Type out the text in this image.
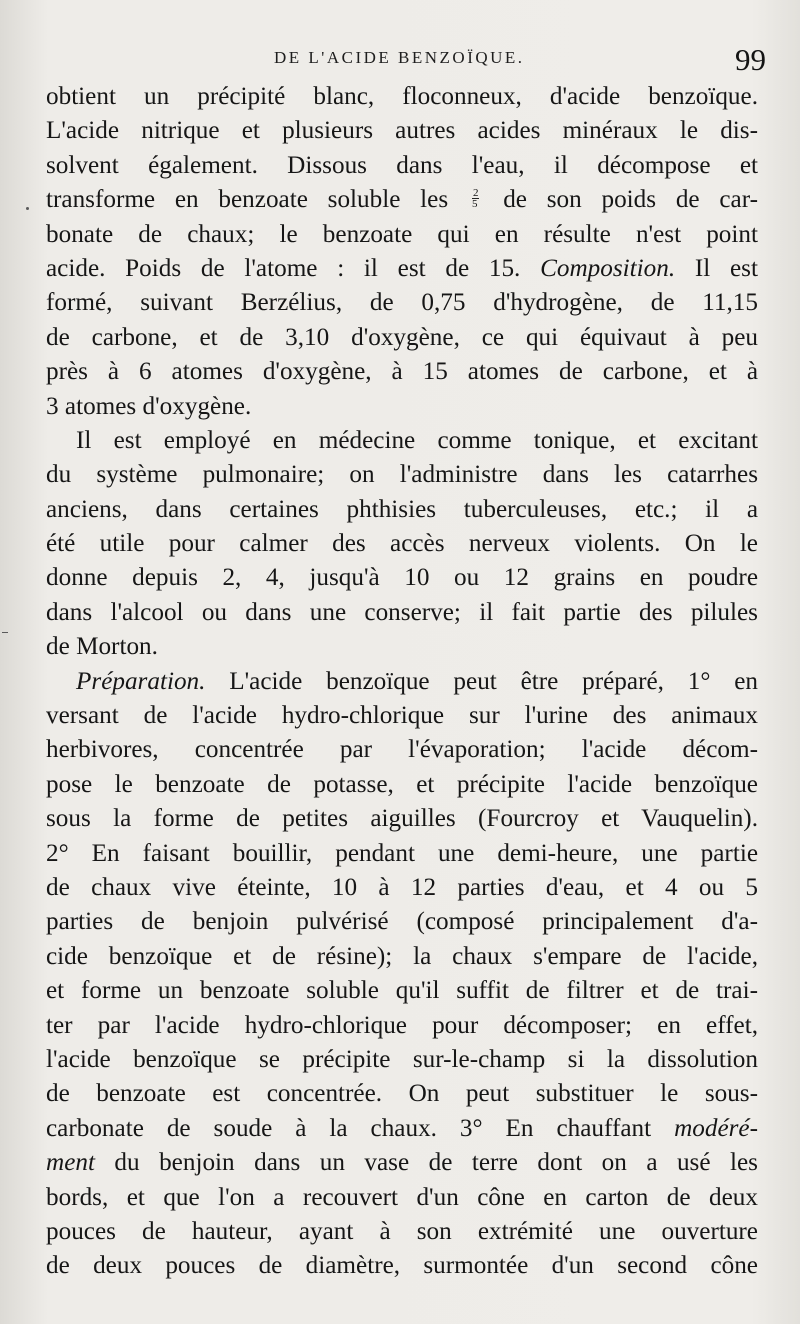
DE L'ACIDE BENZOÏQUE.	99
obtient un précipité blanc, floconneux, d'acide benzoïque.
L'acide nitrique et plusieurs autres acides minéraux le dis-
solvent également. Dissous dans l'eau, il décompose et
transforme en benzoate soluble les $\frac{2}{5}$ de son poids de car-
bonate de chaux; le benzoate qui en résulte n'est point
acide. Poids de l'atome : il est de 15. Composition. Il est
formé, suivant Berzélius, de 0,75 d'hydrogène, de 11,15
de carbone, et de 3,10 d'oxygène, ce qui équivaut à peu
près à 6 atomes d'oxygène, à 15 atomes de carbone, et à
3 atomes d'oxygène.
Il est employé en médecine comme tonique, et excitant
du système pulmonaire; on l'administre dans les catarrhes
anciens, dans certaines phthisies tuberculeuses, etc.; il a
été utile pour calmer des accès nerveux violents. On le
donne depuis 2, 4, jusqu'à 10 ou 12 grains en poudre
dans l'alcool ou dans une conserve; il fait partie des pilules
de Morton.
Préparation. L'acide benzoïque peut être préparé, 1° en
versant de l'acide hydro-chlorique sur l'urine des animaux
herbivores, concentrée par l'évaporation; l'acide décom-
pose le benzoate de potasse, et précipite l'acide benzoïque
sous la forme de petites aiguilles (Fourcroy et Vauquelin).
2° En faisant bouillir, pendant une demi-heure, une partie
de chaux vive éteinte, 10 à 12 parties d'eau, et 4 ou 5
parties de benjoin pulvérisé (composé principalement d'a-
cide benzoïque et de résine); la chaux s'empare de l'acide,
et forme un benzoate soluble qu'il suffit de filtrer et de trai-
ter par l'acide hydro-chlorique pour décomposer; en effet,
l'acide benzoïque se précipite sur-le-champ si la dissolution
de benzoate est concentrée. On peut substituer le sous-
carbonate de soude à la chaux. 3° En chauffant modéré-
ment du benjoin dans un vase de terre dont on a usé les
bords, et que l'on a recouvert d'un cône en carton de deux
pouces de hauteur, ayant à son extrémité une ouverture
de deux pouces de diamètre, surmontée d'un second cône
